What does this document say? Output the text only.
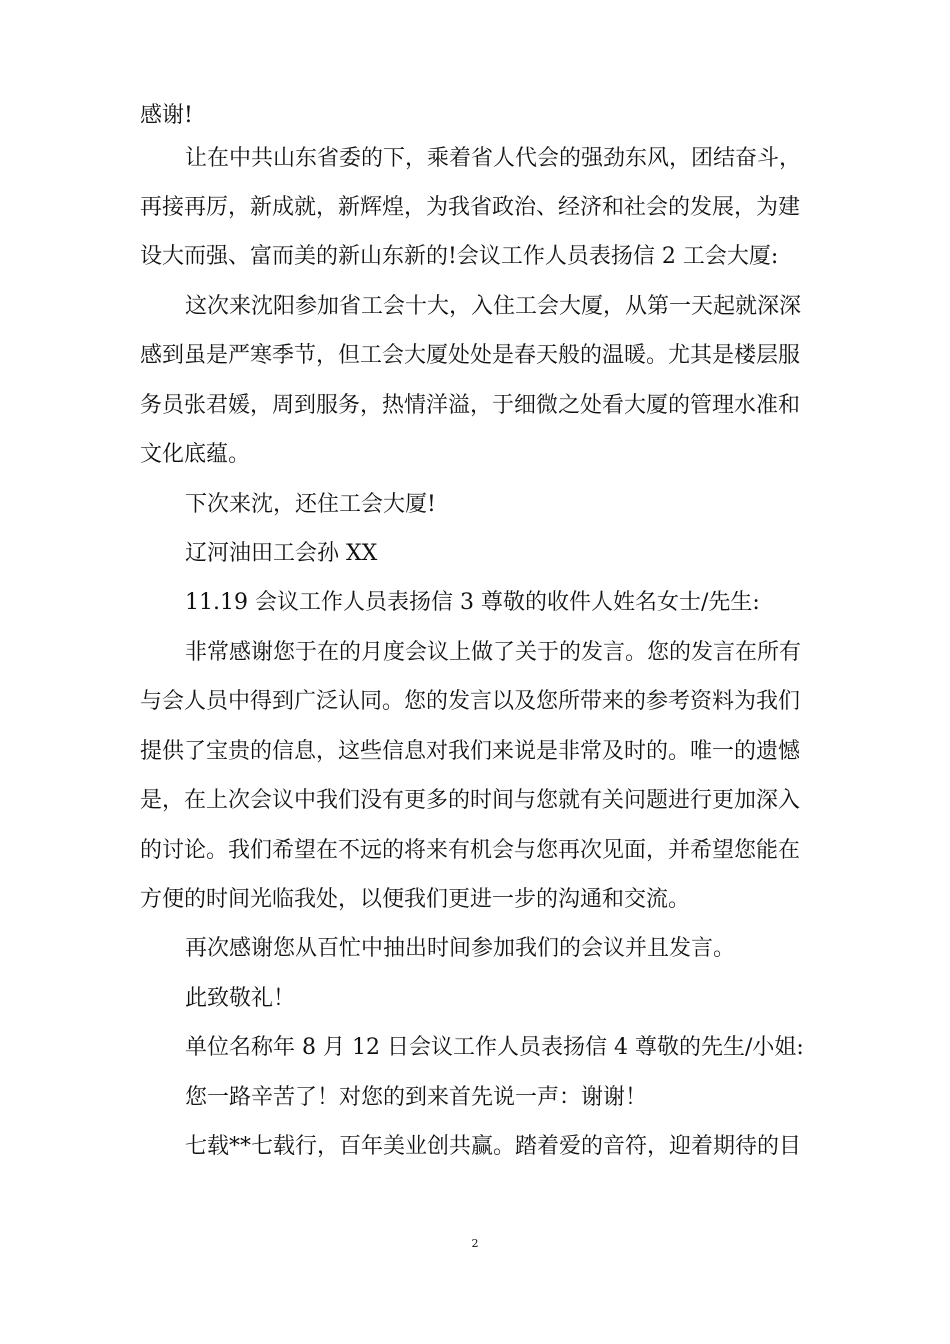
感谢!
让在中共山东省委的下，乘着省人代会的强劲东风，团结奋斗，
再接再厉，新成就，新辉煌，为我省政治、经济和社会的发展，为建
设大而强、富而美的新山东新的!会议工作人员表扬信 2 工会大厦:
这次来沈阳参加省工会十大，入住工会大厦，从第一天起就深深
感到虽是严寒季节，但工会大厦处处是春天般的温暖。尤其是楼层服
务员张君媛，周到服务，热情洋溢，于细微之处看大厦的管理水准和
文化底蕴。
下次来沈，还住工会大厦!
辽河油田工会孙 XX
11.19 会议工作人员表扬信 3 尊敬的收件人姓名女士/先生:
非常感谢您于在的月度会议上做了关于的发言。您的发言在所有
与会人员中得到广泛认同。您的发言以及您所带来的参考资料为我们
提供了宝贵的信息，这些信息对我们来说是非常及时的。唯一的遗憾
是，在上次会议中我们没有更多的时间与您就有关问题进行更加深入
的讨论。我们希望在不远的将来有机会与您再次见面，并希望您能在
方便的时间光临我处，以便我们更进一步的沟通和交流。
再次感谢您从百忙中抽出时间参加我们的会议并且发言。
此致敬礼！
单位名称年 8 月 12 日会议工作人员表扬信 4 尊敬的先生/小姐:
您一路辛苦了！对您的到来首先说一声：谢谢！
七载**七载行，百年美业创共赢。踏着爱的音符，迎着期待的目
2
